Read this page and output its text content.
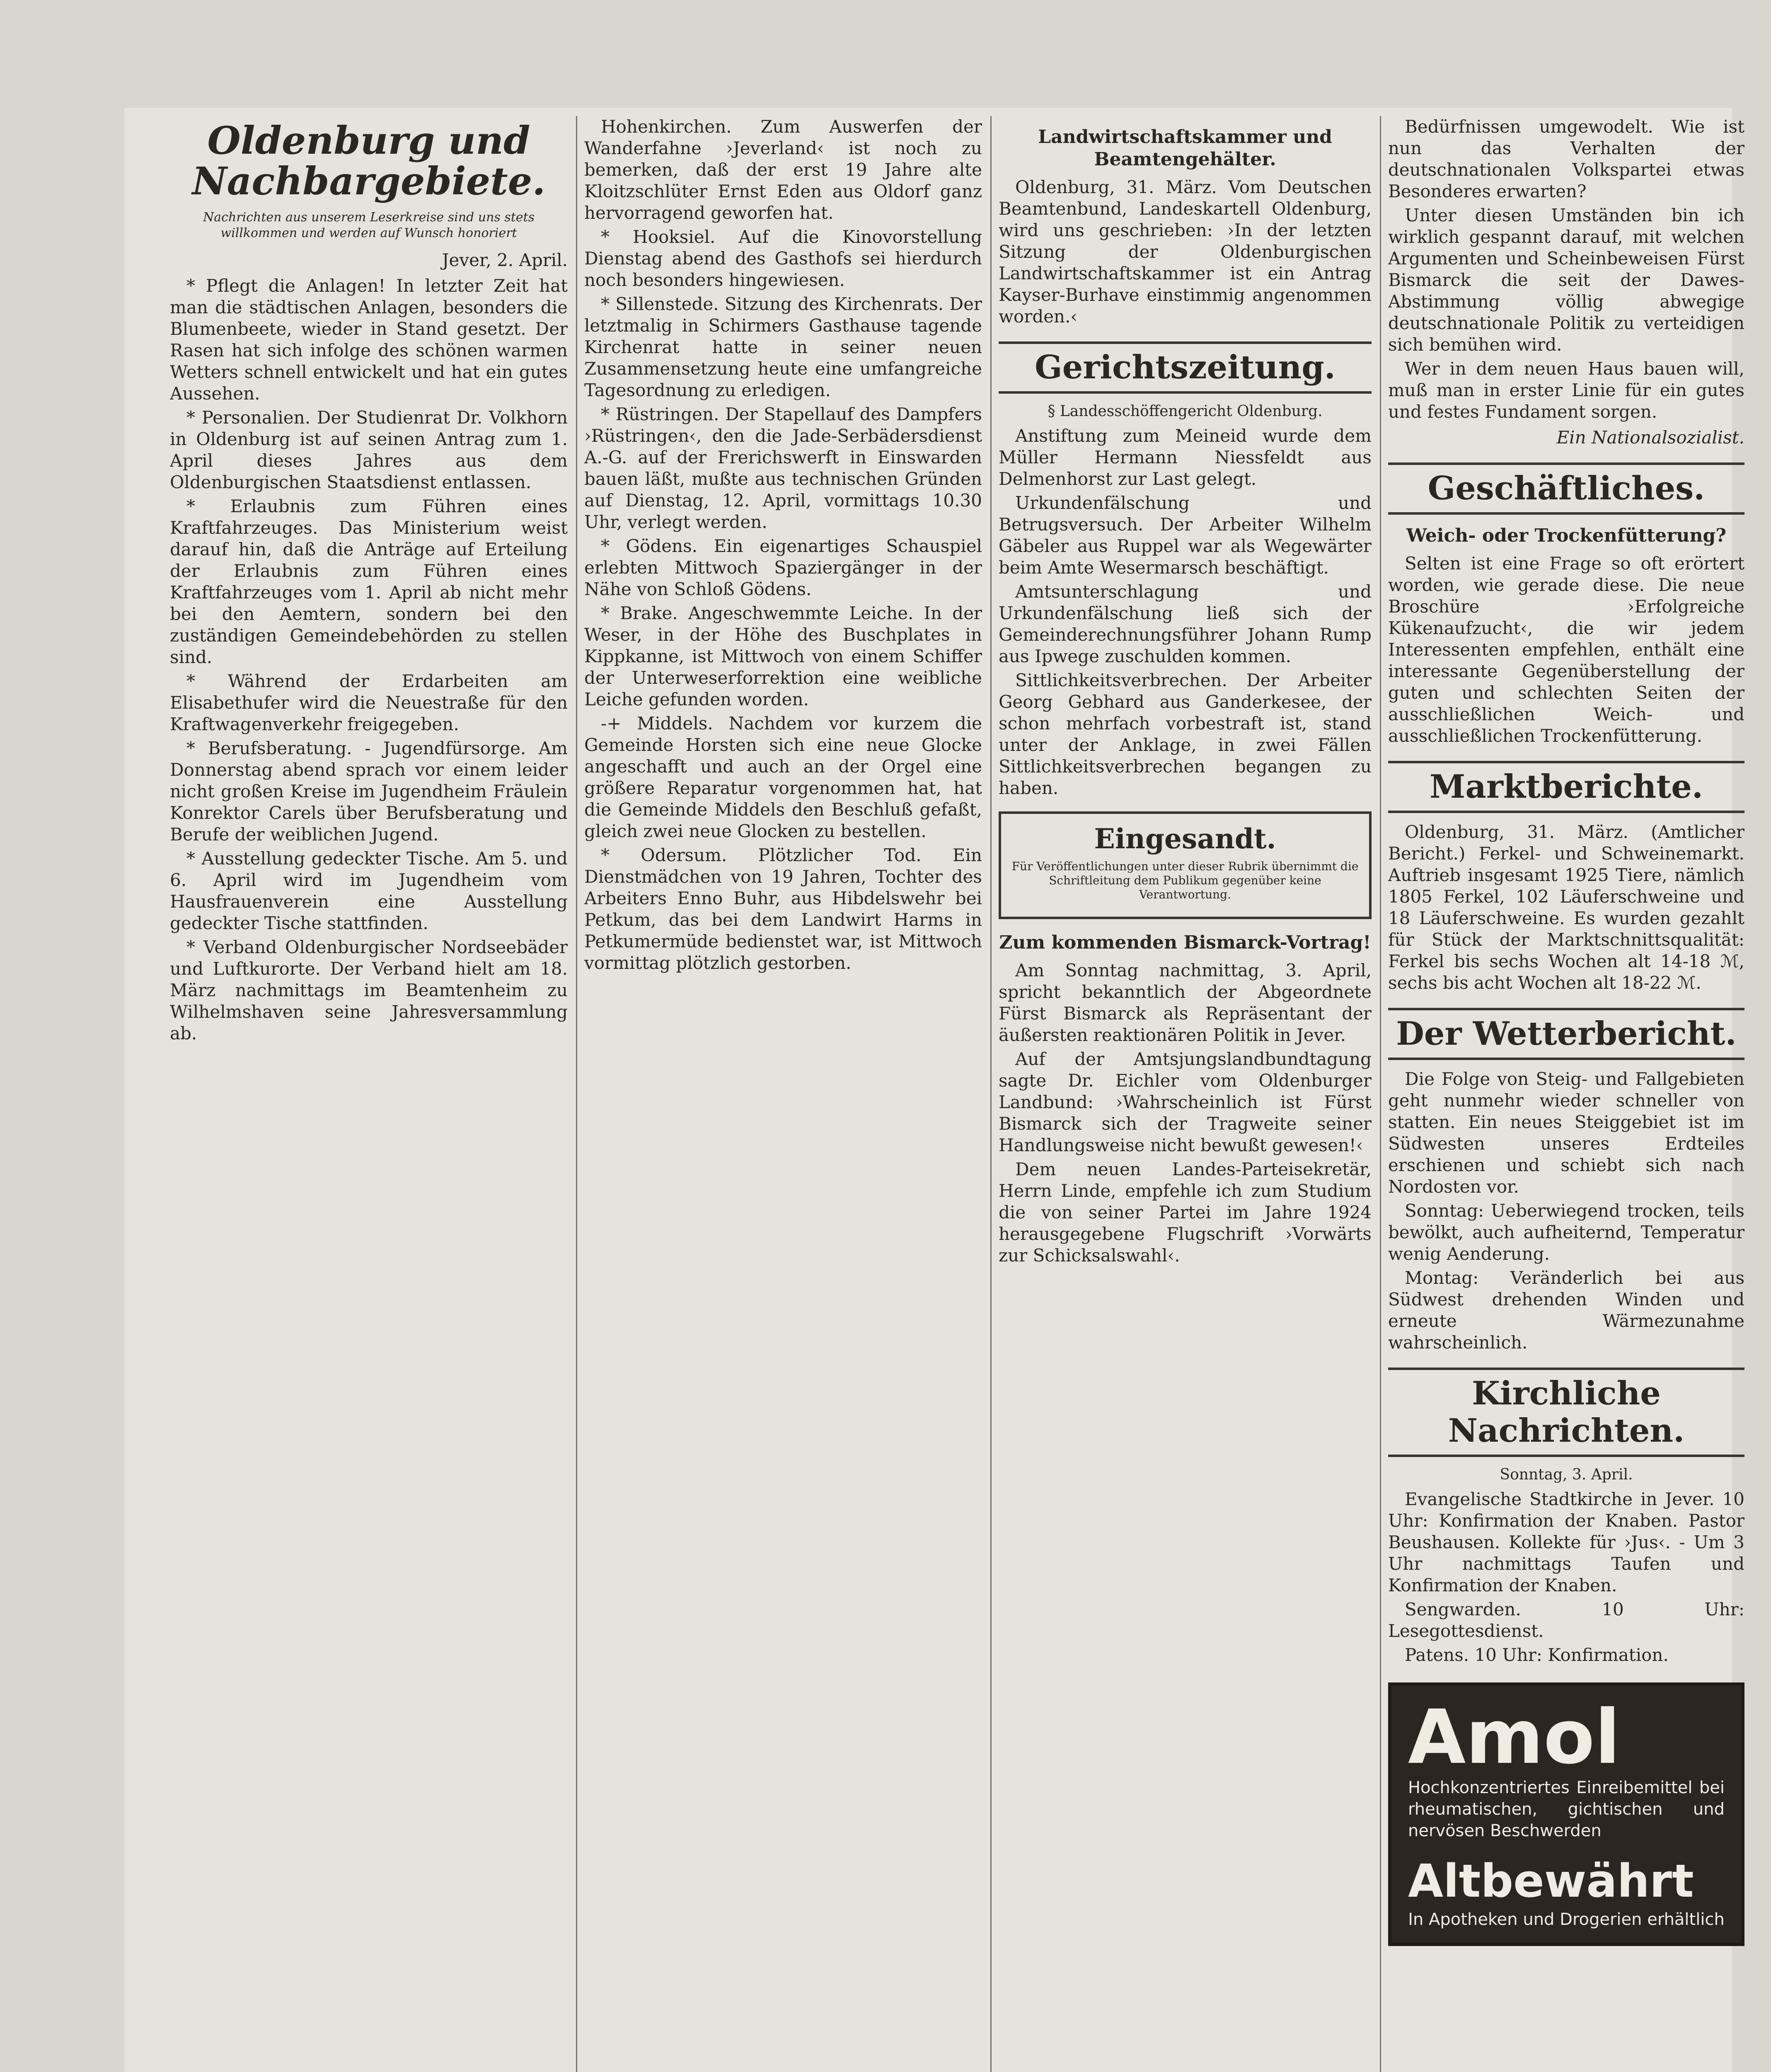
Oldenburg und Nachbargebiete.
Nachrichten aus unserem Leserkreise sind uns stets willkommen und werden auf Wunsch honoriert
Jever, 2. April.

* Pflegt die Anlagen! In letzter Zeit hat man die städtischen Anlagen, besonders die Blumenbeete, wieder in Stand gesetzt. Der Rasen hat sich infolge des schönen warmen Wetters schnell entwickelt und hat ein gutes Aussehen.

* Personalien. Der Studienrat Dr. Volkhorn in Oldenburg ist auf seinen Antrag zum 1. April dieses Jahres aus dem Oldenburgischen Staatsdienst entlassen.

* Erlaubnis zum Führen eines Kraftfahrzeuges. Das Ministerium weist darauf hin, daß die Anträge auf Erteilung der Erlaubnis zum Führen eines Kraftfahrzeuges vom 1. April ab nicht mehr bei den Aemtern, sondern bei den zuständigen Gemeindebehörden zu stellen sind.

* Während der Erdarbeiten am Elisabethufer wird die Neuestraße für den Kraftwagenverkehr freigegeben.

* Berufsberatung. - Jugendfürsorge. Am Donnerstag abend sprach vor einem leider nicht großen Kreise im Jugendheim Fräulein Konrektor Carels über Berufsberatung und Berufe der weiblichen Jugend.

* Ausstellung gedeckter Tische. Am 5. und 6. April wird im Jugendheim vom Hausfrauenverein eine Ausstellung gedeckter Tische stattfinden.

* Verband Oldenburgischer Nordseebäder und Luftkurorte. Der Verband hielt am 18. März nachmittags im Beamtenheim zu Wilhelmshaven seine Jahresversammlung ab.

Hohenkirchen. Zum Auswerfen der Wanderfahne ›Jeverland‹ ist noch zu bemerken, daß der erst 19 Jahre alte Kloitzschlüter Ernst Eden aus Oldorf ganz hervorragend geworfen hat.

* Hooksiel. Auf die Kinovorstellung Dienstag abend des Gasthofs sei hierdurch noch besonders hingewiesen.

* Sillenstede. Sitzung des Kirchenrats. Der letztmalig in Schirmers Gasthause tagende Kirchenrat hatte in seiner neuen Zusammensetzung heute eine umfangreiche Tagesordnung zu erledigen.

* Rüstringen. Der Stapellauf des Dampfers ›Rüstringen‹, den die Jade-Serbädersdienst A.-G. auf der Frerichswerft in Einswarden bauen läßt, mußte aus technischen Gründen auf Dienstag, 12. April, vormittags 10.30 Uhr, verlegt werden.

* Gödens. Ein eigenartiges Schauspiel erlebten Mittwoch Spaziergänger in der Nähe von Schloß Gödens.

* Brake. Angeschwemmte Leiche. In der Weser, in der Höhe des Buschplates in Kippkanne, ist Mittwoch von einem Schiffer der Unterweserforrektion eine weibliche Leiche gefunden worden.

-+ Middels. Nachdem vor kurzem die Gemeinde Horsten sich eine neue Glocke angeschafft und auch an der Orgel eine größere Reparatur vorgenommen hat, hat die Gemeinde Middels den Beschluß gefaßt, gleich zwei neue Glocken zu bestellen.

* Odersum. Plötzlicher Tod. Ein Dienstmädchen von 19 Jahren, Tochter des Arbeiters Enno Buhr, aus Hibdelswehr bei Petkum, das bei dem Landwirt Harms in Petkumermüde bedienstet war, ist Mittwoch vormittag plötzlich gestorben.

Landwirtschaftskammer und Beamtengehälter.

Oldenburg, 31. März. Vom Deutschen Beamtenbund, Landeskartell Oldenburg, wird uns geschrieben: ›In der letzten Sitzung der Oldenburgischen Landwirtschaftskammer ist ein Antrag Kayser-Burhave einstimmig angenommen worden.‹

Gerichtszeitung.
§ Landesschöffengericht Oldenburg.

Anstiftung zum Meineid wurde dem Müller Hermann Niessfeldt aus Delmenhorst zur Last gelegt.

Urkundenfälschung und Betrugsversuch. Der Arbeiter Wilhelm Gäbeler aus Ruppel war als Wegewärter beim Amte Wesermarsch beschäftigt.

Amtsunterschlagung und Urkundenfälschung ließ sich der Gemeinderechnungsführer Johann Rump aus Ipwege zuschulden kommen.

Sittlichkeitsverbrechen. Der Arbeiter Georg Gebhard aus Ganderkesee, der schon mehrfach vorbestraft ist, stand unter der Anklage, in zwei Fällen Sittlichkeitsverbrechen begangen zu haben.

Eingesandt.
Für Veröffentlichungen unter dieser Rubrik übernimmt die Schriftleitung dem Publikum gegenüber keine Verantwortung.
Zum kommenden Bismarck-Vortrag!

Am Sonntag nachmittag, 3. April, spricht bekanntlich der Abgeordnete Fürst Bismarck als Repräsentant der äußersten reaktionären Politik in Jever.

Auf der Amtsjungslandbundtagung sagte Dr. Eichler vom Oldenburger Landbund: ›Wahrscheinlich ist Fürst Bismarck sich der Tragweite seiner Handlungsweise nicht bewußt gewesen!‹

Dem neuen Landes-Parteisekretär, Herrn Linde, empfehle ich zum Studium die von seiner Partei im Jahre 1924 herausgegebene Flugschrift ›Vorwärts zur Schicksalswahl‹.

Bedürfnissen umgewodelt. Wie ist nun das Verhalten der deutschnationalen Volkspartei etwas Besonderes erwarten?

Unter diesen Umständen bin ich wirklich gespannt darauf, mit welchen Argumenten und Scheinbeweisen Fürst Bismarck die seit der Dawes-Abstimmung völlig abwegige deutschnationale Politik zu verteidigen sich bemühen wird.

Wer in dem neuen Haus bauen will, muß man in erster Linie für ein gutes und festes Fundament sorgen.

Ein Nationalsozialist.
Geschäftliches.
Weich- oder Trockenfütterung?

Selten ist eine Frage so oft erörtert worden, wie gerade diese. Die neue Broschüre ›Erfolgreiche Kükenaufzucht‹, die wir jedem Interessenten empfehlen, enthält eine interessante Gegenüberstellung der guten und schlechten Seiten der ausschließlichen Weich- und ausschließlichen Trockenfütterung.

Marktberichte.

Oldenburg, 31. März. (Amtlicher Bericht.) Ferkel- und Schweinemarkt. Auftrieb insgesamt 1925 Tiere, nämlich 1805 Ferkel, 102 Läuferschweine und 18 Läuferschweine. Es wurden gezahlt für Stück der Marktschnittsqualität: Ferkel bis sechs Wochen alt 14-18 ℳ, sechs bis acht Wochen alt 18-22 ℳ.

Der Wetterbericht.

Die Folge von Steig- und Fallgebieten geht nunmehr wieder schneller von statten. Ein neues Steiggebiet ist im Südwesten unseres Erdteiles erschienen und schiebt sich nach Nordosten vor.

Sonntag: Ueberwiegend trocken, teils bewölkt, auch aufheiternd, Temperatur wenig Aenderung.

Montag: Veränderlich bei aus Südwest drehenden Winden und erneute Wärmezunahme wahrscheinlich.

Kirchliche Nachrichten.
Sonntag, 3. April.

Evangelische Stadtkirche in Jever. 10 Uhr: Konfirmation der Knaben. Pastor Beushausen. Kollekte für ›Jus‹. - Um 3 Uhr nachmittags Taufen und Konfirmation der Knaben.

Sengwarden. 10 Uhr: Lesegottesdienst.

Patens. 10 Uhr: Konfirmation.

Amol
Hochkonzentriertes Einreibemittel bei rheumatischen, gichtischen und nervösen Beschwerden
Altbewährt
In Apotheken und Drogerien erhältlich
